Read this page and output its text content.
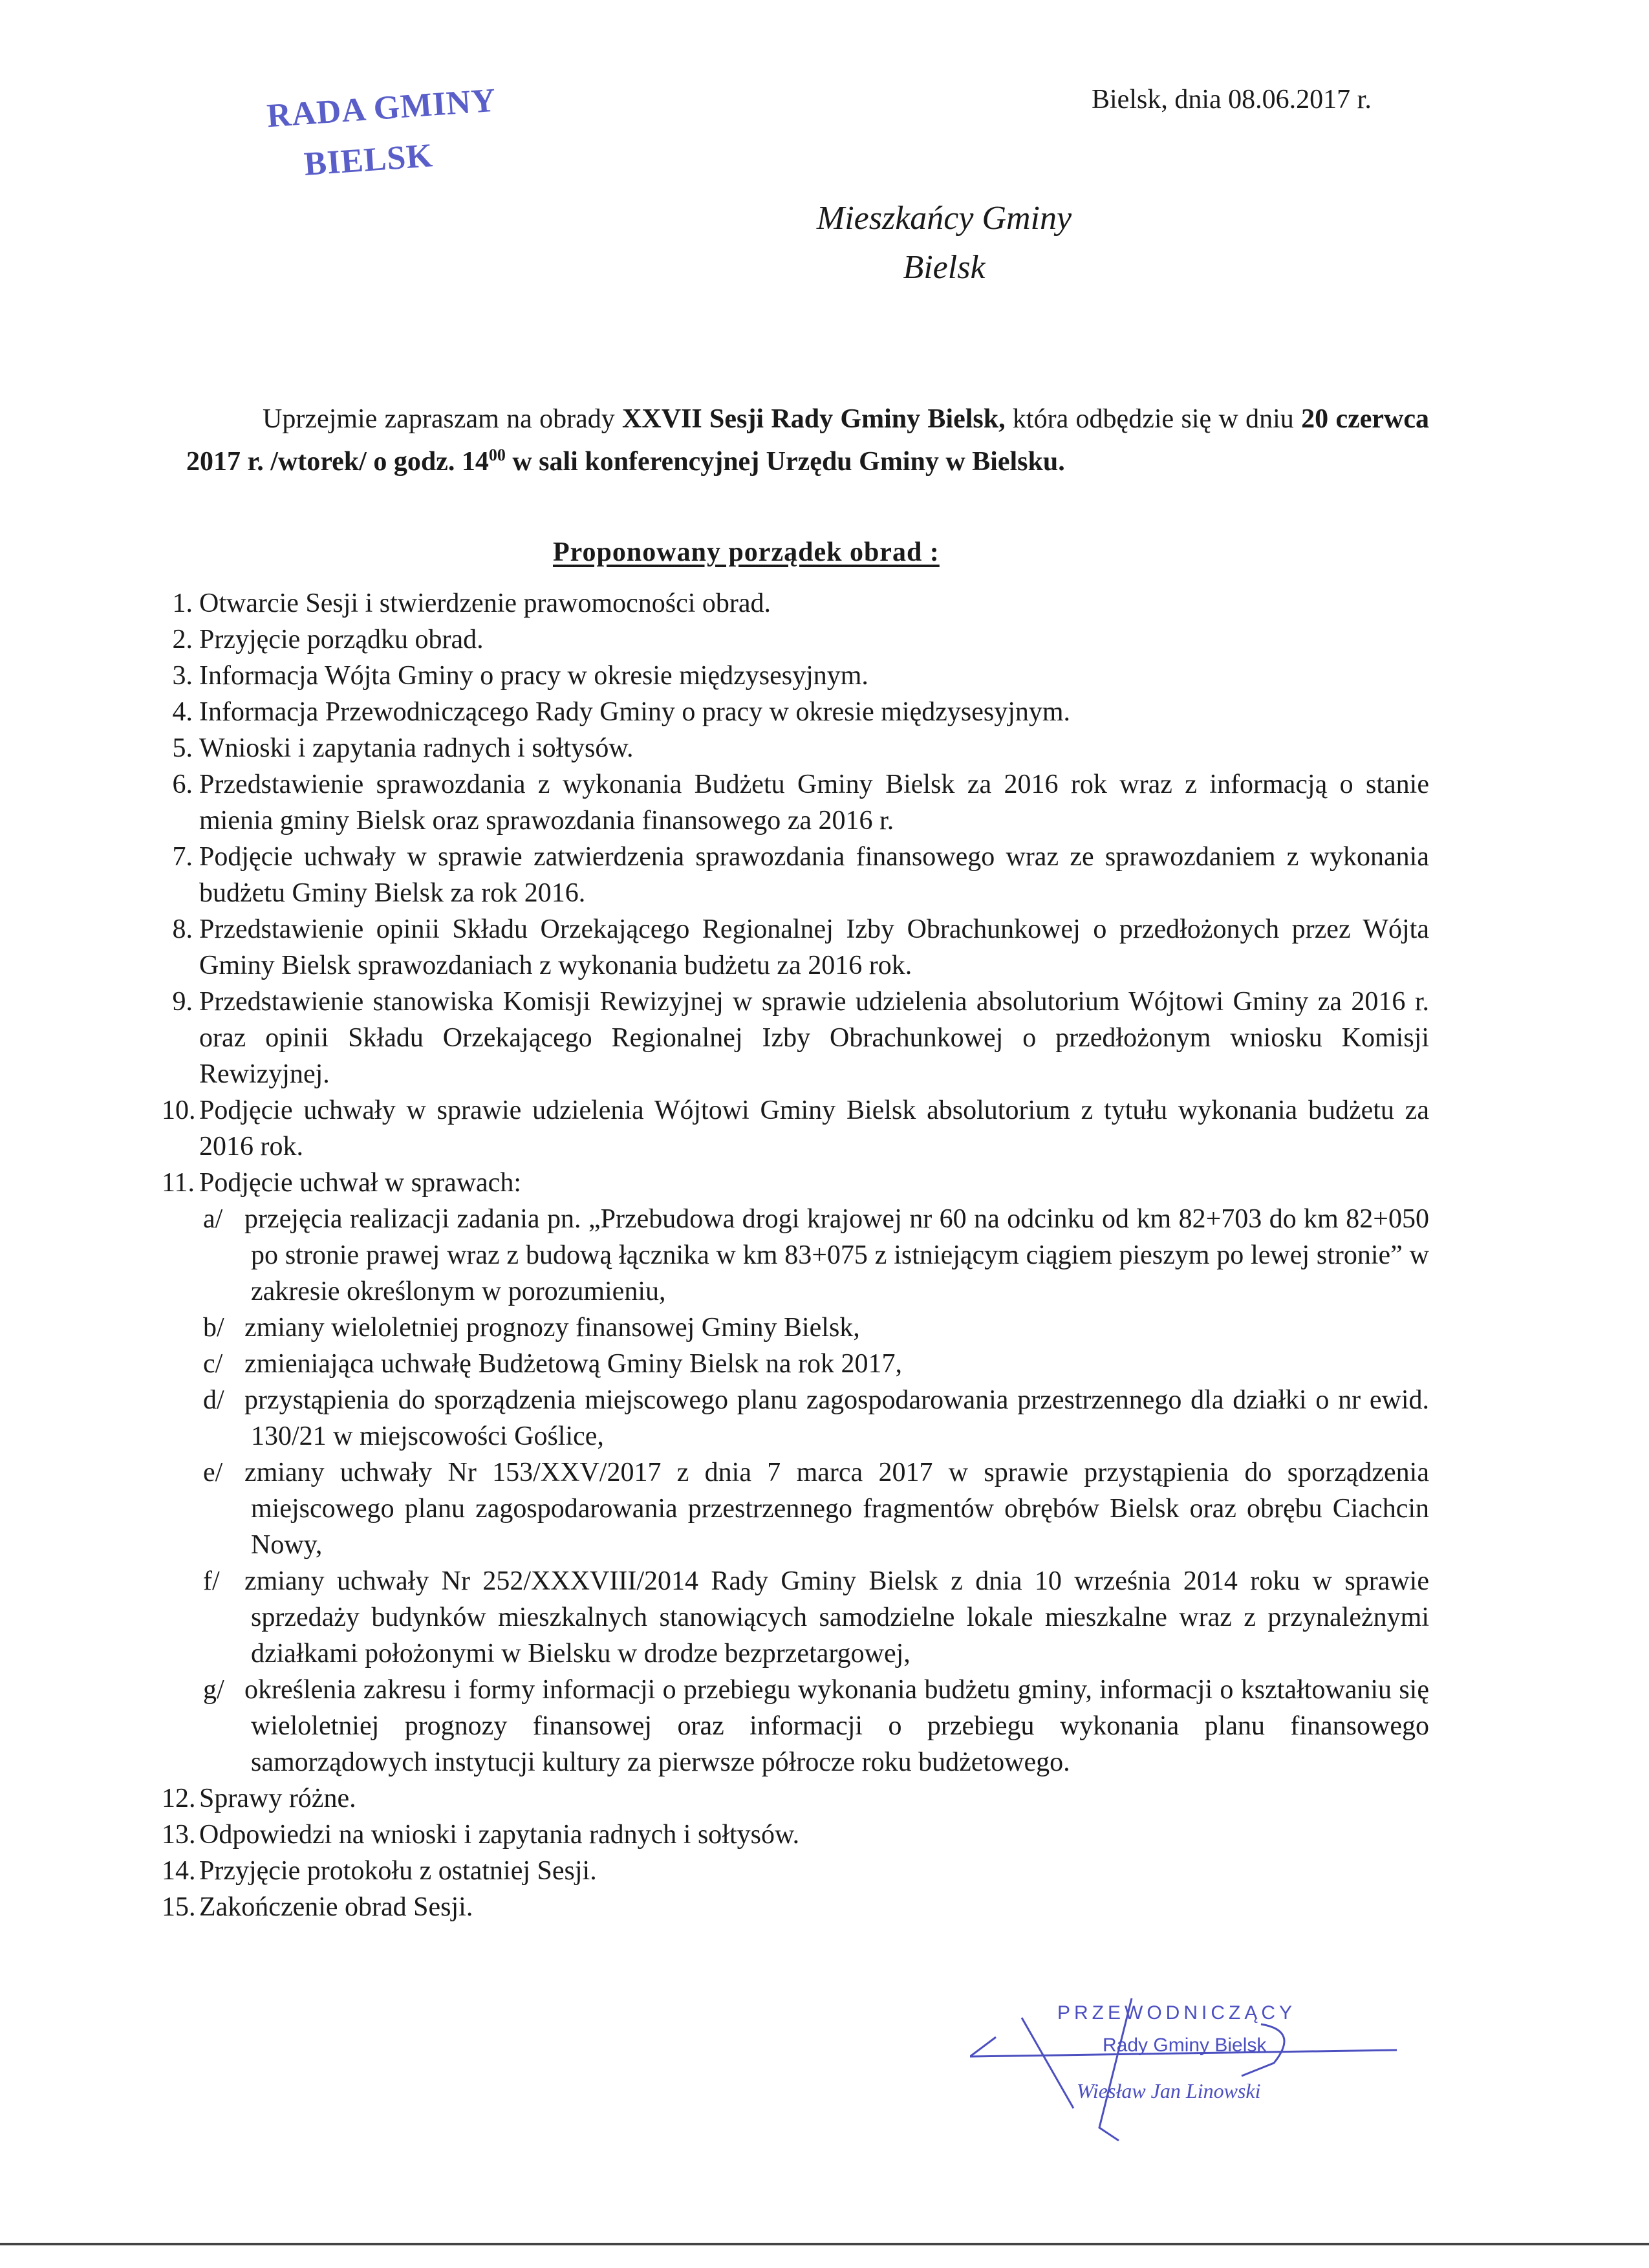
RADA GMINY
BIELSK
Bielsk, dnia 08.06.2017 r.
Mieszkańcy Gminy
Bielsk

Uprzejmie zapraszam na obrady XXVII Sesji Rady Gminy Bielsk, która odbędzie się w dniu 20 czerwca 2017 r. /wtorek/ o godz. $14^{00}$ w sali konferencyjnej Urzędu Gminy w Bielsku.

Proponowany porządek obrad :
1. Otwarcie Sesji i stwierdzenie prawomocności obrad.
2. Przyjęcie porządku obrad.
3. Informacja Wójta Gminy o pracy w okresie międzysesyjnym.
4. Informacja Przewodniczącego Rady Gminy o pracy w okresie międzysesyjnym.
5. Wnioski i zapytania radnych i sołtysów.
6. Przedstawienie sprawozdania z wykonania Budżetu Gminy Bielsk za 2016 rok wraz z informacją o stanie mienia gminy Bielsk oraz sprawozdania finansowego za 2016 r.
7. Podjęcie uchwały w sprawie zatwierdzenia sprawozdania finansowego wraz ze sprawozdaniem z wykonania budżetu Gminy Bielsk za rok 2016.
8. Przedstawienie opinii Składu Orzekającego Regionalnej Izby Obrachunkowej o przedłożonych przez Wójta Gminy Bielsk sprawozdaniach z wykonania budżetu za 2016 rok.
9. Przedstawienie stanowiska Komisji Rewizyjnej w sprawie udzielenia absolutorium Wójtowi Gminy za 2016 r. oraz opinii Składu Orzekającego Regionalnej Izby Obrachunkowej o przedłożonym wniosku Komisji Rewizyjnej.
10. Podjęcie uchwały w sprawie udzielenia Wójtowi Gminy Bielsk absolutorium z tytułu wykonania budżetu za 2016 rok.
11. Podjęcie uchwał w sprawach:
a/ przejęcia realizacji zadania pn. „Przebudowa drogi krajowej nr 60 na odcinku od km 82+703 do km 82+050 po stronie prawej wraz z budową łącznika w km 83+075 z istniejącym ciągiem pieszym po lewej stronie” w zakresie określonym w porozumieniu,
b/ zmiany wieloletniej prognozy finansowej Gminy Bielsk,
c/ zmieniająca uchwałę Budżetową Gminy Bielsk na rok 2017,
d/ przystąpienia do sporządzenia miejscowego planu zagospodarowania przestrzennego dla działki o nr ewid. 130/21 w miejscowości Goślice,
e/ zmiany uchwały Nr 153/XXV/2017 z dnia 7 marca 2017 w sprawie przystąpienia do sporządzenia miejscowego planu zagospodarowania przestrzennego fragmentów obrębów Bielsk oraz obrębu Ciachcin Nowy,
f/ zmiany uchwały Nr 252/XXXVIII/2014 Rady Gminy Bielsk z dnia 10 września 2014 roku w sprawie sprzedaży budynków mieszkalnych stanowiących samodzielne lokale mieszkalne wraz z przynależnymi działkami położonymi w Bielsku w drodze bezprzetargowej,
g/ określenia zakresu i formy informacji o przebiegu wykonania budżetu gminy, informacji o kształtowaniu się wieloletniej prognozy finansowej oraz informacji o przebiegu wykonania planu finansowego samorządowych instytucji kultury za pierwsze półrocze roku budżetowego.
12. Sprawy różne.
13. Odpowiedzi na wnioski i zapytania radnych i sołtysów.
14. Przyjęcie protokołu z ostatniej Sesji.
15. Zakończenie obrad Sesji.
PRZEWODNICZĄCY
Rady Gminy Bielsk
Wiesław Jan Linowski
